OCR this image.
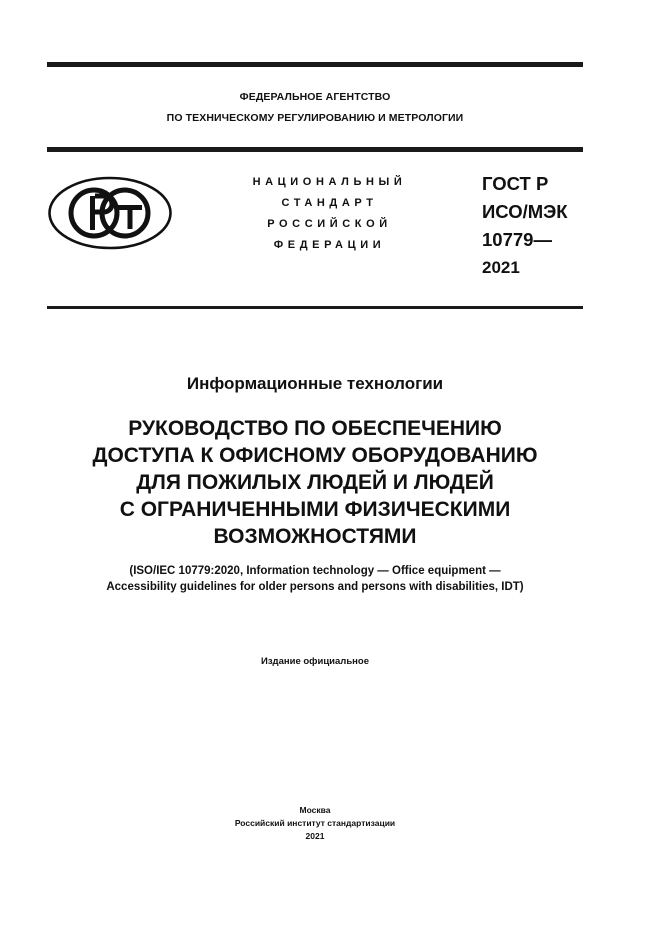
ФЕДЕРАЛЬНОЕ АГЕНТСТВО
ПО ТЕХНИЧЕСКОМУ РЕГУЛИРОВАНИЮ И МЕТРОЛОГИИ
НАЦИОНАЛЬНЫЙ
СТАНДАРТ
РОССИЙСКОЙ
ФЕДЕРАЦИИ
ГОСТ Р
ИСО/МЭК
10779—
2021
Информационные технологии
РУКОВОДСТВО ПО ОБЕСПЕЧЕНИЮ
ДОСТУПА К ОФИСНОМУ ОБОРУДОВАНИЮ
ДЛЯ ПОЖИЛЫХ ЛЮДЕЙ И ЛЮДЕЙ
С ОГРАНИЧЕННЫМИ ФИЗИЧЕСКИМИ
ВОЗМОЖНОСТЯМИ
(ISO/IEC 10779:2020, Information technology — Office equipment —
Accessibility guidelines for older persons and persons with disabilities, IDT)
Издание официальное
Москва
Российский институт стандартизации
2021
